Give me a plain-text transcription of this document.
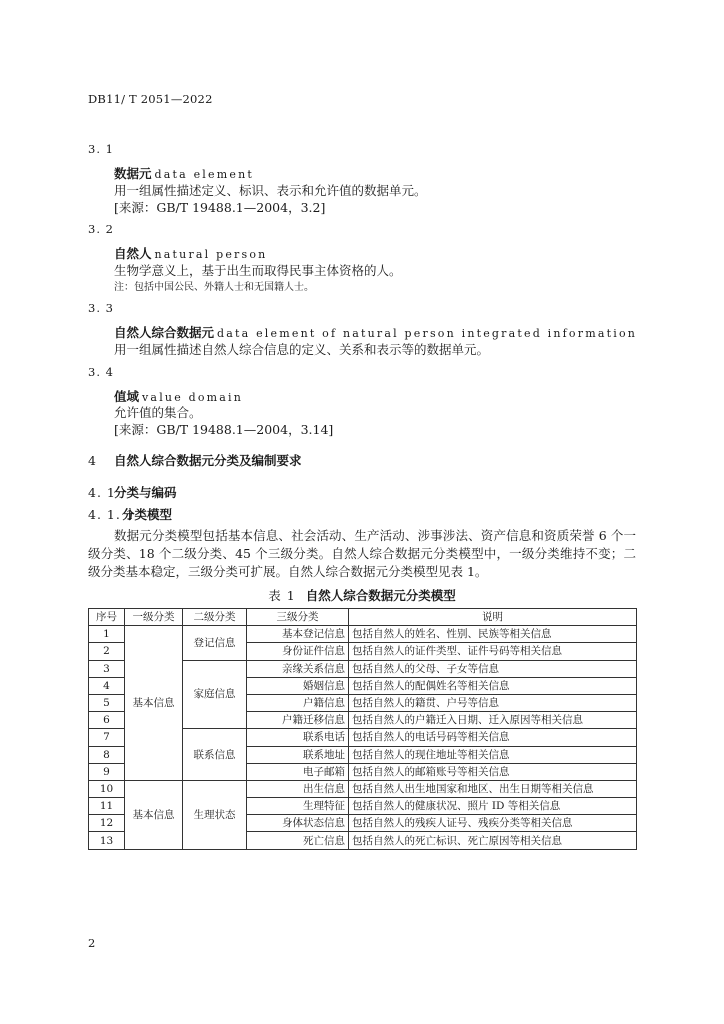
DB11/ T 2051—2022
3. 1
数据元 data element
用一组属性描述定义、标识、表示和允许值的数据单元。
[来源：GB/T 19488.1—2004，3.2]
3. 2
自然人 natural person
生物学意义上，基于出生而取得民事主体资格的人。
注：包括中国公民、外籍人士和无国籍人士。
3. 3
自然人综合数据元 data element of natural person integrated information
用一组属性描述自然人综合信息的定义、关系和表示等的数据单元。
3. 4
值域 value domain
允许值的集合。
[来源：GB/T 19488.1—2004，3.14]
4 自然人综合数据元分类及编制要求
4. 1分类与编码
4. 1. 1分类模型
数据元分类模型包括基本信息、社会活动、生产活动、涉事涉法、资产信息和资质荣誉 6 个一级分类、18 个二级分类、45 个三级分类。自然人综合数据元分类模型中，一级分类维持不变；二级分类基本稳定，三级分类可扩展。自然人综合数据元分类模型见表 1。
表 1 自然人综合数据元分类模型
序号	一级分类	二级分类	三级分类	说明
1	基本信息	登记信息	基本登记信息	包括自然人的姓名、性别、民族等相关信息
2			身份证件信息	包括自然人的证件类型、证件号码等相关信息
3		家庭信息	亲缘关系信息	包括自然人的父母、子女等信息
4			婚姻信息	包括自然人的配偶姓名等相关信息
5			户籍信息	包括自然人的籍贯、户号等信息
6			户籍迁移信息	包括自然人的户籍迁入日期、迁入原因等相关信息
7		联系信息	联系电话	包括自然人的电话号码等相关信息
8			联系地址	包括自然人的现住地址等相关信息
9			电子邮箱	包括自然人的邮箱账号等相关信息
10	基本信息	生理状态	出生信息	包括自然人出生地国家和地区、出生日期等相关信息
11			生理特征	包括自然人的健康状况、照片 ID 等相关信息
12			身体状态信息	包括自然人的残疾人证号、残疾分类等相关信息
13			死亡信息	包括自然人的死亡标识、死亡原因等相关信息
2
